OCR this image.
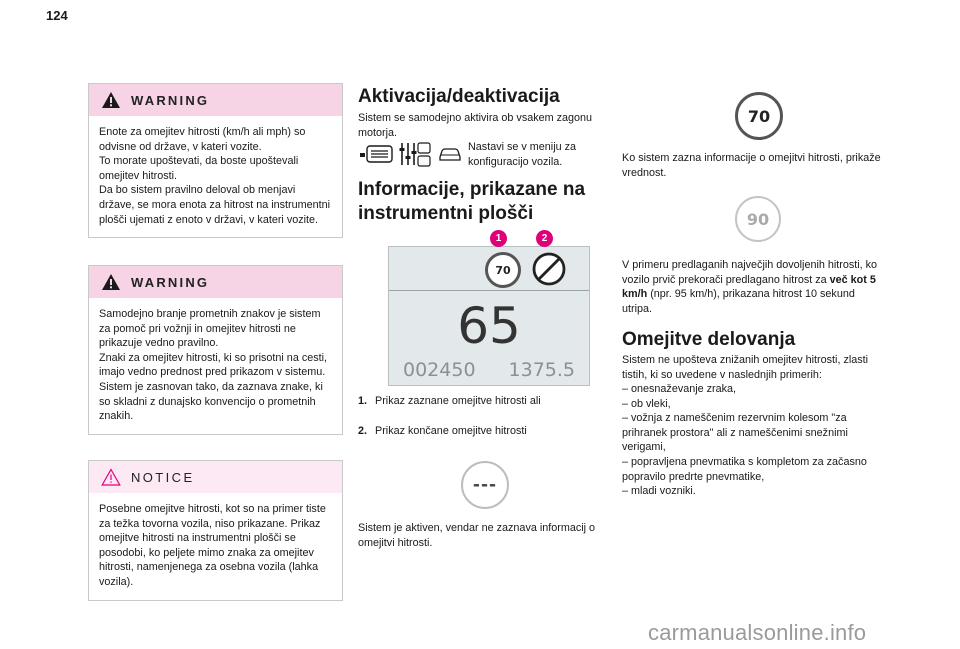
124
WARNING

Enote za omejitev hitrosti (km/h ali mph) so odvisne od države, v kateri vozite.

To morate upoštevati, da boste upoštevali omejitev hitrosti.

Da bo sistem pravilno deloval ob menjavi države, se mora enota za hitrost na instrumentni plošči ujemati z enoto v državi, v kateri vozite.

WARNING

Samodejno branje prometnih znakov je sistem za pomoč pri vožnji in omejitev hitrosti ne prikazuje vedno pravilno.

Znaki za omejitev hitrosti, ki so prisotni na cesti, imajo vedno prednost pred prikazom v sistemu.

Sistem je zasnovan tako, da zaznava znake, ki so skladni z dunajsko konvencijo o prometnih znakih.

NOTICE

Posebne omejitve hitrosti, kot so na primer tiste za težka tovorna vozila, niso prikazane. Prikaz omejitve hitrosti na instrumentni plošči se posodobi, ko peljete mimo znaka za omejitev hitrosti, namenjenega za osebna vozila (lahka vozila).

Aktivacija/deaktivacija

Sistem se samodejno aktivira ob vsakem zagonu motorja.

Nastavi se v meniju za konfiguracijo vozila.

Informacije, prikazane na instrumentni plošči
70
65
002450 1375.5
1	2
1. Prikaz zaznane omejitve hitrosti ali
2. Prikaz končane omejitve hitrosti
---

Sistem je aktiven, vendar ne zaznava informacij o omejitvi hitrosti.

70

Ko sistem zazna informacije o omejitvi hitrosti, prikaže vrednost.

90

V primeru predlaganih največjih dovoljenih hitrosti, ko vozilo prvič prekorači predlagano hitrost za več kot 5 km/h (npr. 95 km/h), prikazana hitrost 10 sekund utripa.

Omejitve delovanja

Sistem ne upošteva znižanih omejitev hitrosti, zlasti tistih, ki so uvedene v naslednjih primerih:

– onesnaževanje zraka,

– ob vleki,

– vožnja z nameščenim rezervnim kolesom "za prihranek prostora" ali z nameščenimi snežnimi verigami,

– popravljena pnevmatika s kompletom za začasno popravilo predrte pnevmatike,

– mladi vozniki.

carmanualsonline.info
